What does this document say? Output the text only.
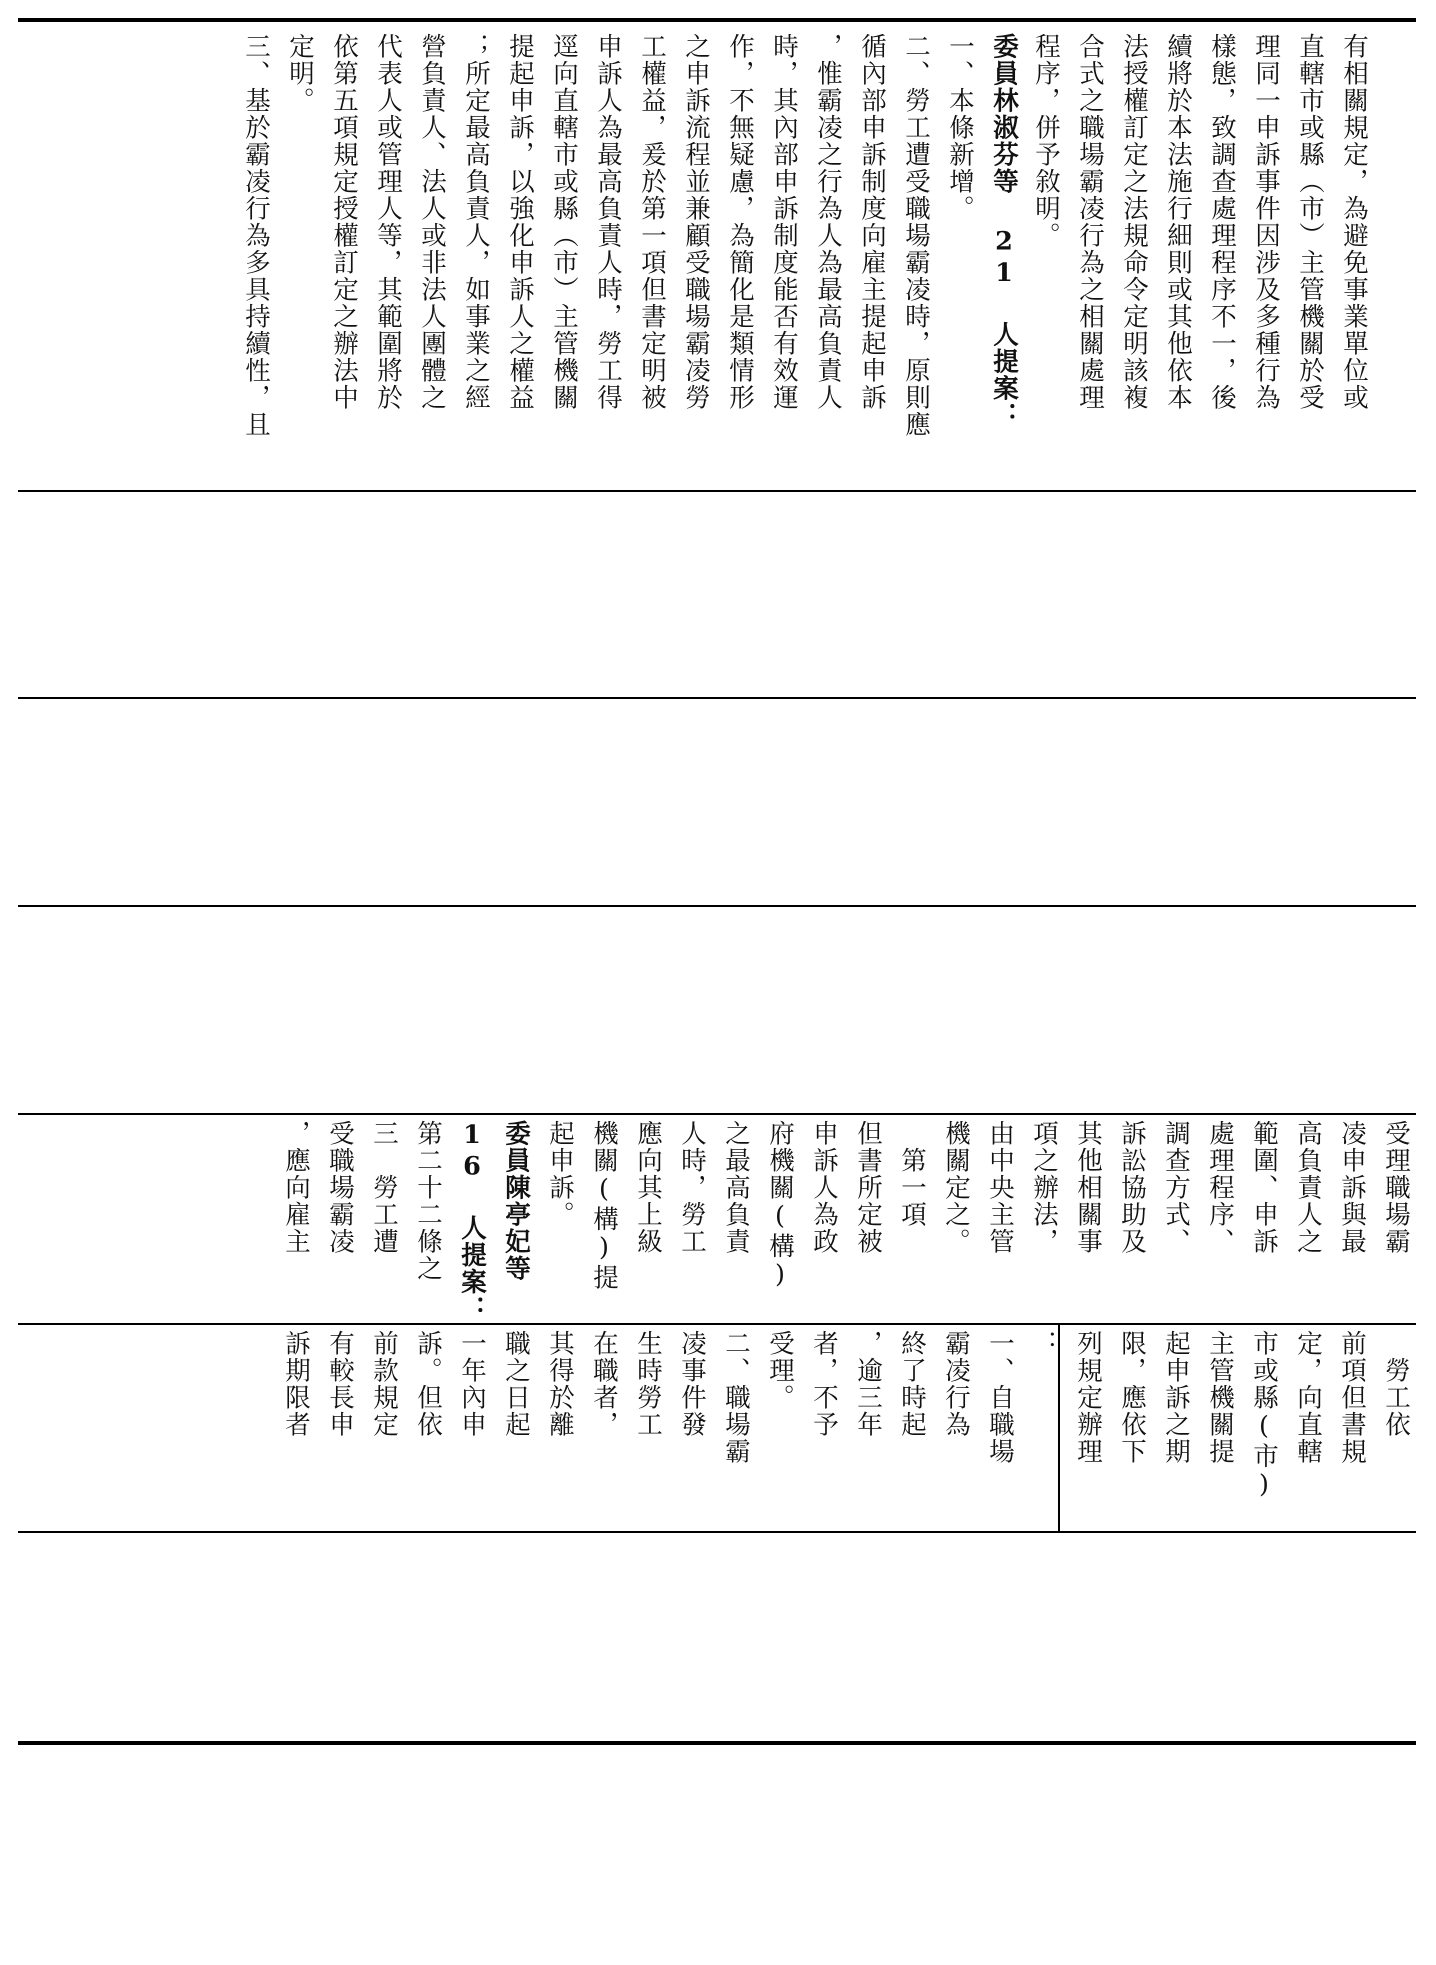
有相關規定，為避免事業單位或
直轄市或縣（市）主管機關於受
理同一申訴事件因涉及多種行為
樣態，致調查處理程序不一，後
續將於本法施行細則或其他依本
法授權訂定之法規命令定明該複
合式之職場霸凌行為之相關處理
程序，併予敘明。
委員林淑芬等 21 人提案：
一、本條新增。
二、勞工遭受職場霸凌時，原則應
循內部申訴制度向雇主提起申訴
，惟霸凌之行為人為最高負責人
時，其內部申訴制度能否有效運
作，不無疑慮，為簡化是類情形
之申訴流程並兼顧受職場霸凌勞
工權益，爰於第一項但書定明被
申訴人為最高負責人時，勞工得
逕向直轄市或縣（市）主管機關
提起申訴，以強化申訴人之權益
；所定最高負責人，如事業之經
營負責人、法人或非法人團體之
代表人或管理人等，其範圍將於
依第五項規定授權訂定之辦法中
定明。
三、基於霸凌行為多具持續性，且
受理職場霸
凌申訴與最
高負責人之
範圍、申訴
處理程序、
調查方式、
訴訟協助及
其他相關事
項之辦法，
由中央主管
機關定之。
　第一項
但書所定被
申訴人為政
府機關(構)
之最高負責
人時，勞工
應向其上級
機關(構)提
起申訴。
委員陳亭妃等
16 人提案：
第二十二條之
三　勞工遭
受職場霸凌
，應向雇主
　勞工依
前項但書規
定，向直轄
市或縣(市)
主管機關提
起申訴之期
限，應依下
列規定辦理
：
一、自職場
霸凌行為
終了時起
，逾三年
者，不予
受理。
二、職場霸
凌事件發
生時勞工
在職者，
其得於離
職之日起
一年內申
訴。但依
前款規定
有較長申
訴期限者
